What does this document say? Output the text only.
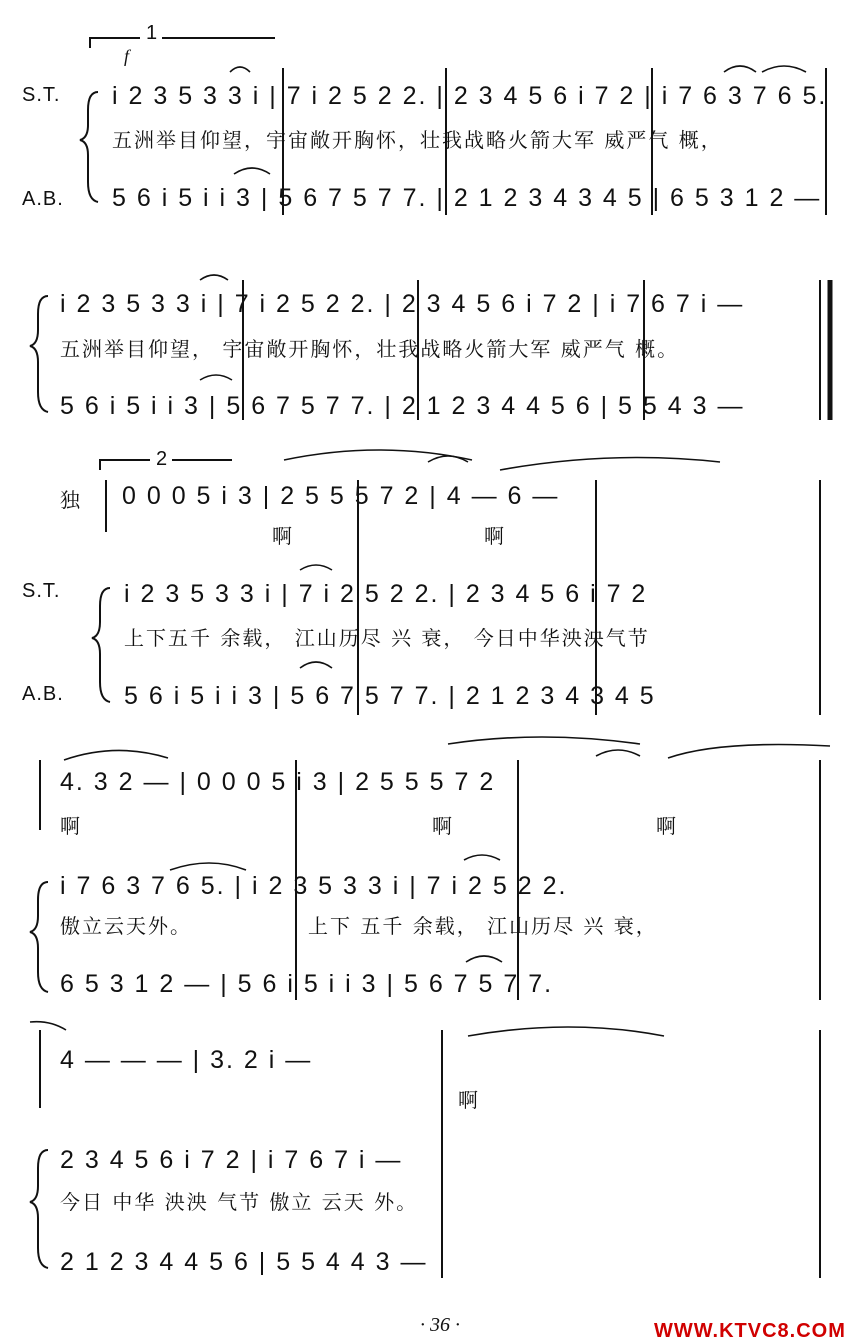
1
f
S.T. i 2 3 5 3 3 i | 7 i 2 5 2 2. | 2 3 4 5 6 i 7 2 | i 7 6 3 7 6 5.
五洲举目仰望，宇宙敞开胸怀，壮我战略火箭大军 威严气 概，
A.B. 5 6 i 5 i i 3 | 5 6 7 5 7 7. | 2 1 2 3 4 3 4 5 | 6 5 3 1 2 —
i 2 3 5 3 3 i | 7 i 2 5 2 2. | 2 3 4 5 6 i 7 2 | i 7 6 7 i —
五洲举目仰望， 宇宙敞开胸怀，壮我战略火箭大军 威严气 概。
5 6 i 5 i i 3 | 5 6 7 5 7 7. | 2 1 2 3 4 4 5 6 | 5 5 4 3 —
2
独 0 0 0 5 i 3 | 2 5 5 5 7 2 | 4 — 6 —
啊	啊
S.T.	i 2 3 5 3 3 i | 7 i 2 5 2 2. | 2 3 4 5 6 i 7 2
上下五千 余载， 江山历尽 兴 衰， 今日中华泱泱气节
A.B. 5 6 i 5 i i 3 | 5 6 7 5 7 7. | 2 1 2 3 4 3 4 5
4. 3 2 — | 0 0 0 5 i 3 | 2 5 5 5 7 2
啊	啊	啊
i 7 6 3 7 6 5. | i 2 3 5 3 3 i | 7 i 2 5 2 2.
傲立云天外。	上下 五千 余载， 江山历尽 兴 衰，
6 5 3 1 2 — | 5 6 i 5 i i 3 | 5 6 7 5 7 7.
4 — — — | 3. 2 i —
啊
2 3 4 5 6 i 7 2 | i 7 6 7 i —
今日 中华 泱泱 气节 傲立 云天 外。
2 1 2 3 4 4 5 6 | 5 5 4 4 3 —
· 36 ·	WWW.KTVC8.COM
